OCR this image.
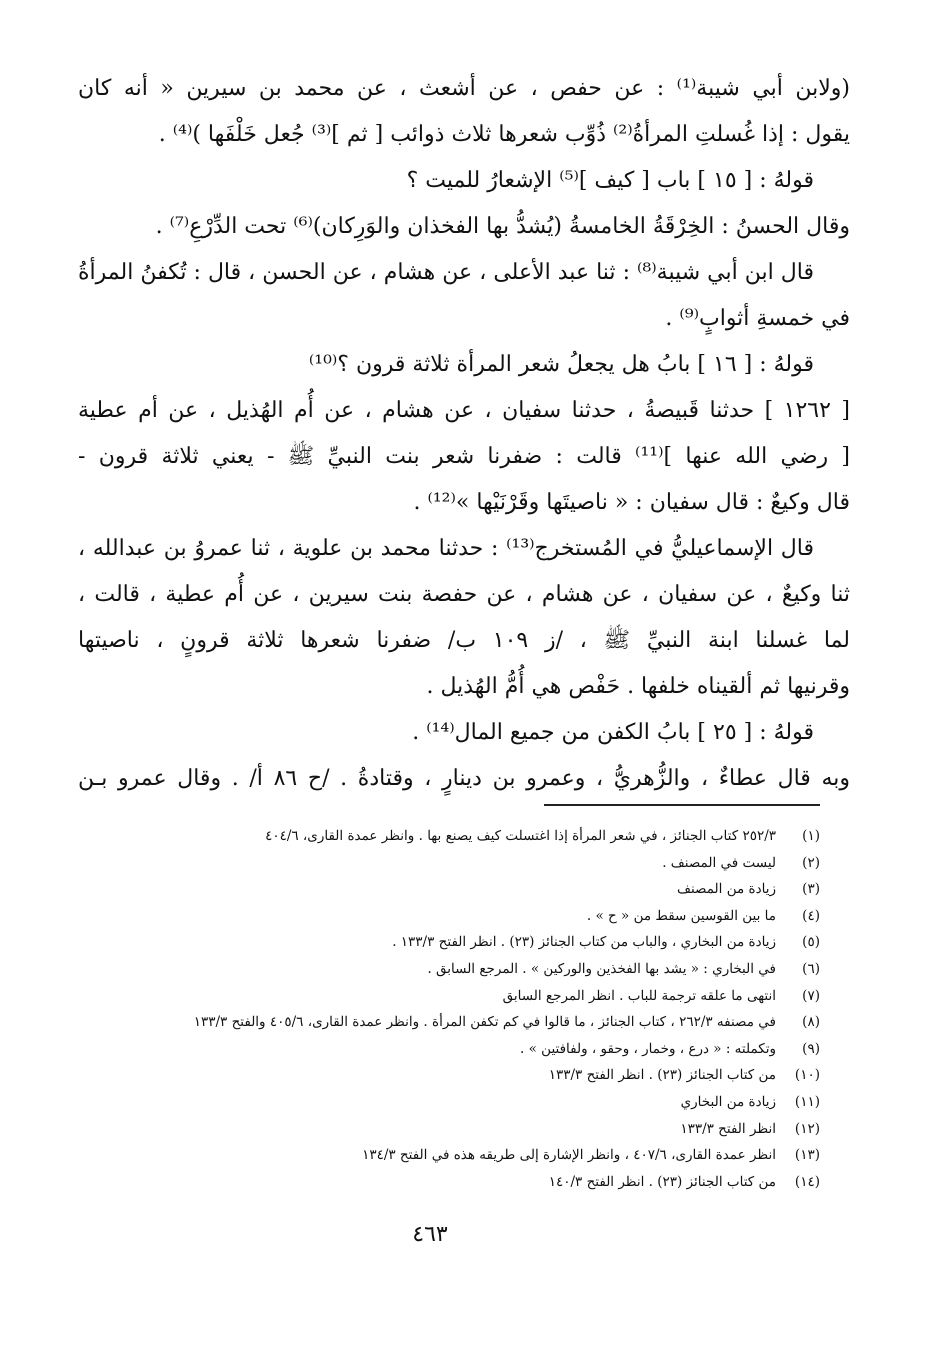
(ولابن أبي شيبة⁽¹⁾ : عن حفص ، عن أشعث ، عن محمد بن سيرين « أنه كان
يقول : إذا غُسلتِ المرأةُ⁽²⁾ ذُوِّب شعرها ثلاث ذوائب [ ثم ]⁽³⁾ جُعل خَلْفَها )⁽⁴⁾ .
قولهُ : [ ١٥ ] باب [ كيف ]⁽⁵⁾ الإشعارُ للميت ؟
وقال الحسنُ : الخِرْقَةُ الخامسةُ (يُشدُّ بها الفخذان والوَرِكان)⁽⁶⁾ تحت الدِّرْعِ⁽⁷⁾ .
قال ابن أبي شيبة⁽⁸⁾ : ثنا عبد الأعلى ، عن هشام ، عن الحسن ، قال : تُكفنُ المرأةُ
في خمسةِ أثوابٍ⁽⁹⁾ .
قولهُ : [ ١٦ ] بابُ هل يجعلُ شعر المرأة ثلاثة قرون ؟⁽¹⁰⁾
[ ١٢٦٢ ] حدثنا قَبيصةُ ، حدثنا سفيان ، عن هشام ، عن أُم الهُذيل ، عن أم عطية
[ رضي الله عنها ]⁽¹¹⁾ قالت : ضفرنا شعر بنت النبيِّ ﷺ - يعني ثلاثة قرون -
قال وكيعٌ : قال سفيان : « ناصيتَها وقَرْنَيْها »⁽¹²⁾ .
قال الإسماعيليُّ في المُستخرج⁽¹³⁾ : حدثنا محمد بن علوية ، ثنا عمروُ بن عبدالله ،
ثنا وكيعٌ ، عن سفيان ، عن هشام ، عن حفصة بنت سيرين ، عن أُم عطية ، قالت ،
لما غسلنا ابنة النبيِّ ﷺ ، /ز ١٠٩ ب/ ضفرنا شعرها ثلاثة قرونٍ ، ناصيتها
وقرنيها ثم ألقيناه خلفها . حَفْص هي أُمُّ الهُذيل .
قولهُ : [ ٢٥ ] بابُ الكفن من جميع المال⁽¹⁴⁾ .
وبه قال عطاءٌ ، والزُّهريُّ ، وعمرو بن دينارٍ ، وقتادةُ . /ح ٨٦ أ/ . وقال عمرو بـن
(١)
٢٥٢/٣ كتاب الجنائز ، في شعر المرأة إذا اغتسلت كيف يصنع بها . وانظر عمدة القارى، ٤٠٤/٦
(٢)
ليست في المصنف .
(٣)
زيادة من المصنف
(٤)
ما بين القوسين سقط من « ح » .
(٥)
زيادة من البخاري ، والباب من كتاب الجنائز (٢٣) . انظر الفتح ١٣٣/٣ .
(٦)
في البخاري : « يشد بها الفخذين والوركين » . المرجع السابق .
(٧)
انتهى ما علقه ترجمة للباب . انظر المرجع السابق
(٨)
في مصنفه ٢٦٢/٣ ، كتاب الجنائز ، ما قالوا في كم تكفن المرأة . وانظر عمدة القارى، ٤٠٥/٦ والفتح ١٣٣/٣
(٩)
وتكملته : « درع ، وخمار ، وحقو ، ولفافتين » .
(١٠)
من كتاب الجنائز (٢٣) . انظر الفتح ١٣٣/٣
(١١)
زيادة من البخاري
(١٢)
انظر الفتح ١٣٣/٣
(١٣)
انظر عمدة القارى، ٤٠٧/٦ ، وانظر الإشارة إلى طريقه هذه في الفتح ١٣٤/٣
(١٤)
من كتاب الجنائز (٢٣) . انظر الفتح ١٤٠/٣
٤٦٣
